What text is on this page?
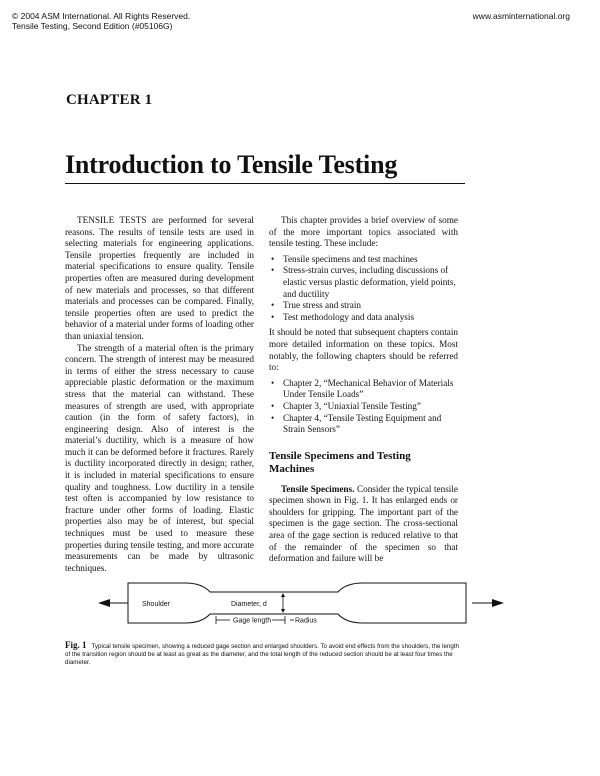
© 2004 ASM International. All Rights Reserved.
Tensile Testing, Second Edition (#05106G)
www.asminternational.org
CHAPTER 1
Introduction to Tensile Testing

TENSILE TESTS are performed for several reasons. The results of tensile tests are used in selecting materials for engineering applications. Tensile properties frequently are included in material specifications to ensure quality. Tensile properties often are measured during development of new materials and processes, so that different materials and processes can be compared. Finally, tensile properties often are used to predict the behavior of a material under forms of loading other than uniaxial tension.

The strength of a material often is the primary concern. The strength of interest may be measured in terms of either the stress necessary to cause appreciable plastic deformation or the maximum stress that the material can withstand. These measures of strength are used, with appropriate caution (in the form of safety factors), in engineering design. Also of interest is the material’s ductility, which is a measure of how much it can be deformed before it fractures. Rarely is ductility incorporated directly in design; rather, it is included in material specifications to ensure quality and toughness. Low ductility in a tensile test often is accompanied by low resistance to fracture under other forms of loading. Elastic properties also may be of interest, but special techniques must be used to measure these properties during tensile testing, and more accurate measurements can be made by ultrasonic techniques.

This chapter provides a brief overview of some of the more important topics associated with tensile testing. These include:

• Tensile specimens and test machines
• Stress-strain curves, including discussions of elastic versus plastic deformation, yield points, and ductility
• True stress and strain
• Test methodology and data analysis

It should be noted that subsequent chapters contain more detailed information on these topics. Most notably, the following chapters should be referred to:

• Chapter 2, “Mechanical Behavior of Materials Under Tensile Loads”
• Chapter 3, “Uniaxial Tensile Testing”
• Chapter 4, “Tensile Testing Equipment and Strain Sensors”
Tensile Specimens and Testing Machines

Tensile Specimens. Consider the typical tensile specimen shown in Fig. 1. It has enlarged ends or shoulders for gripping. The important part of the specimen is the gage section. The cross-sectional area of the gage section is reduced relative to that of the remainder of the specimen so that deformation and failure will be

Shoulder	Diameter, d
Gage length	Radius
Fig. 1 Typical tensile specimen, showing a reduced gage section and enlarged shoulders. To avoid end effects from the shoulders, the length of the transition region should be at least as great as the diameter, and the total length of the reduced section should be at least four times the diameter.
